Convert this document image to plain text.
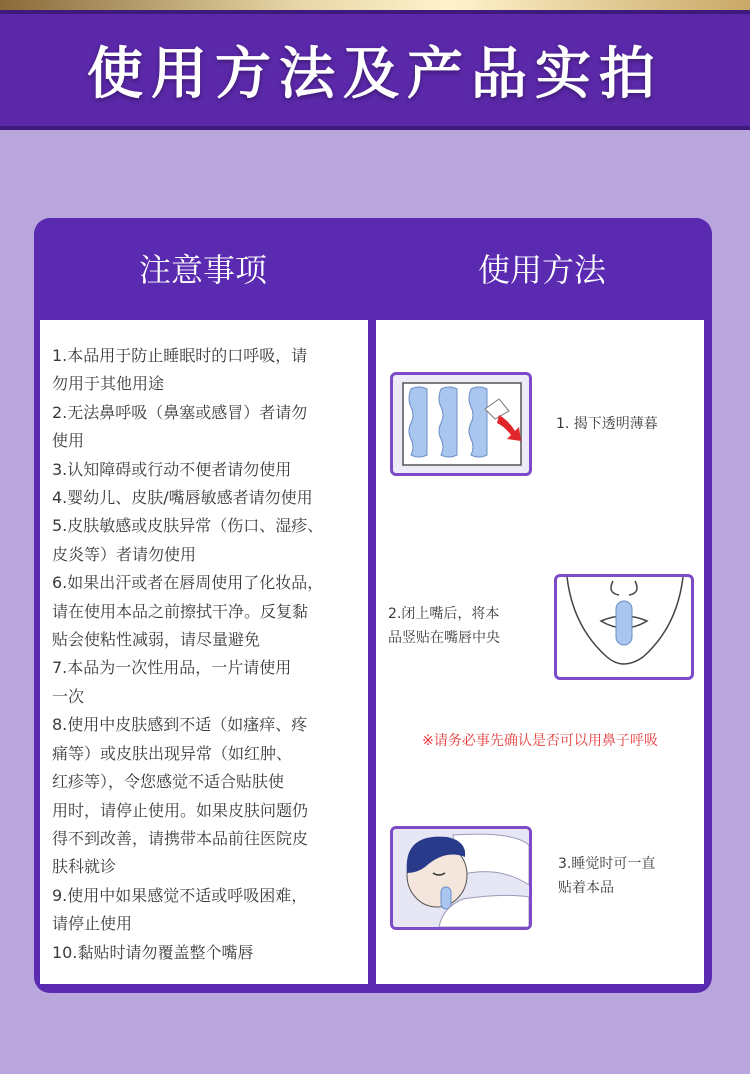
使用方法及产品实拍
注意事项	使用方法
1.本品用于防止睡眠时的口呼吸，请
勿用于其他用途
2.无法鼻呼吸（鼻塞或感冒）者请勿
使用
3.认知障碍或行动不便者请勿使用
4.婴幼儿、皮肤/嘴唇敏感者请勿使用
5.皮肤敏感或皮肤异常（伤口、湿疹、
皮炎等）者请勿使用
6.如果出汗或者在唇周使用了化妆品，
请在使用本品之前擦拭干净。反复黏
贴会使粘性减弱，请尽量避免
7.本品为一次性用品，一片请使用
一次
8.使用中皮肤感到不适（如瘙痒、疼
痛等）或皮肤出现异常（如红肿、
红疹等），令您感觉不适合贴肤使
用时，请停止使用。如果皮肤问题仍
得不到改善，请携带本品前往医院皮
肤科就诊
9.使用中如果感觉不适或呼吸困难，
请停止使用
10.黏贴时请勿覆盖整个嘴唇
1. 揭下透明薄暮
2.闭上嘴后，将本
品竖贴在嘴唇中央
※请务必事先确认是否可以用鼻子呼吸
3.睡觉时可一直
贴着本品
